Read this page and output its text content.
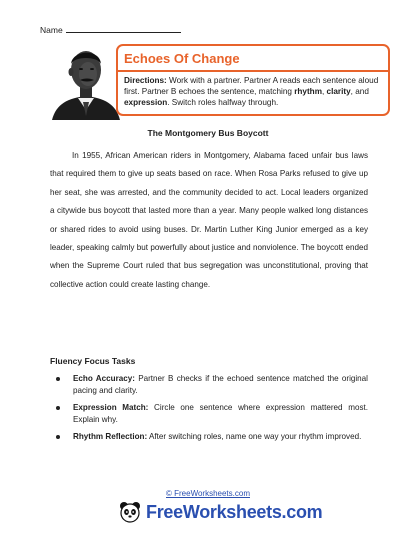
Name
Echoes Of Change
Directions: Work with a partner. Partner A reads each sentence aloud first. Partner B echoes the sentence, matching rhythm, clarity, and expression. Switch roles halfway through.
The Montgomery Bus Boycott
In 1955, African American riders in Montgomery, Alabama faced unfair bus laws that required them to give up seats based on race. When Rosa Parks refused to give up her seat, she was arrested, and the community decided to act. Local leaders organized a citywide bus boycott that lasted more than a year. Many people walked long distances or shared rides to avoid using buses. Dr. Martin Luther King Junior emerged as a key leader, speaking calmly but powerfully about justice and nonviolence. The boycott ended when the Supreme Court ruled that bus segregation was unconstitutional, proving that collective action could create lasting change.
Fluency Focus Tasks
Echo Accuracy: Partner B checks if the echoed sentence matched the original pacing and clarity.
Expression Match: Circle one sentence where expression mattered most. Explain why.
Rhythm Reflection: After switching roles, name one way your rhythm improved.
© FreeWorksheets.com
FreeWorksheets.com
